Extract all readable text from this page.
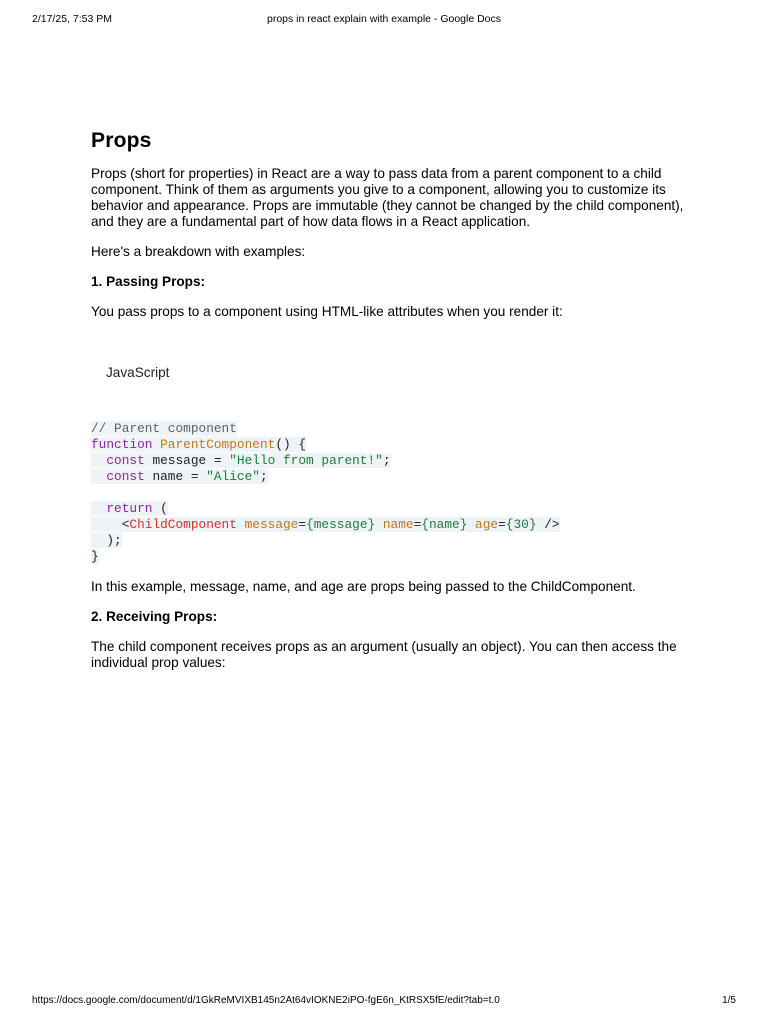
2/17/25, 7:53 PM	props in react explain with example - Google Docs
Props

Props (short for properties) in React are a way to pass data from a parent component to a child component. Think of them as arguments you give to a component, allowing you to customize its behavior and appearance. Props are immutable (they cannot be changed by the child component), and they are a fundamental part of how data flows in a React application.

Here's a breakdown with examples:

1. Passing Props:

You pass props to a component using HTML-like attributes when you render it:

JavaScript
// Parent component
function ParentComponent() {
const message = "Hello from parent!";
const name = "Alice";
return (
<ChildComponent message={message} name={name} age={30} />
);
}

In this example, message, name, and age are props being passed to the ChildComponent.

2. Receiving Props:

The child component receives props as an argument (usually an object). You can then access the individual prop values:

https://docs.google.com/document/d/1GkReMVIXB145n2At64vIOKNE2iPO-fgE6n_KtRSX5fE/edit?tab=t.0	1/5
